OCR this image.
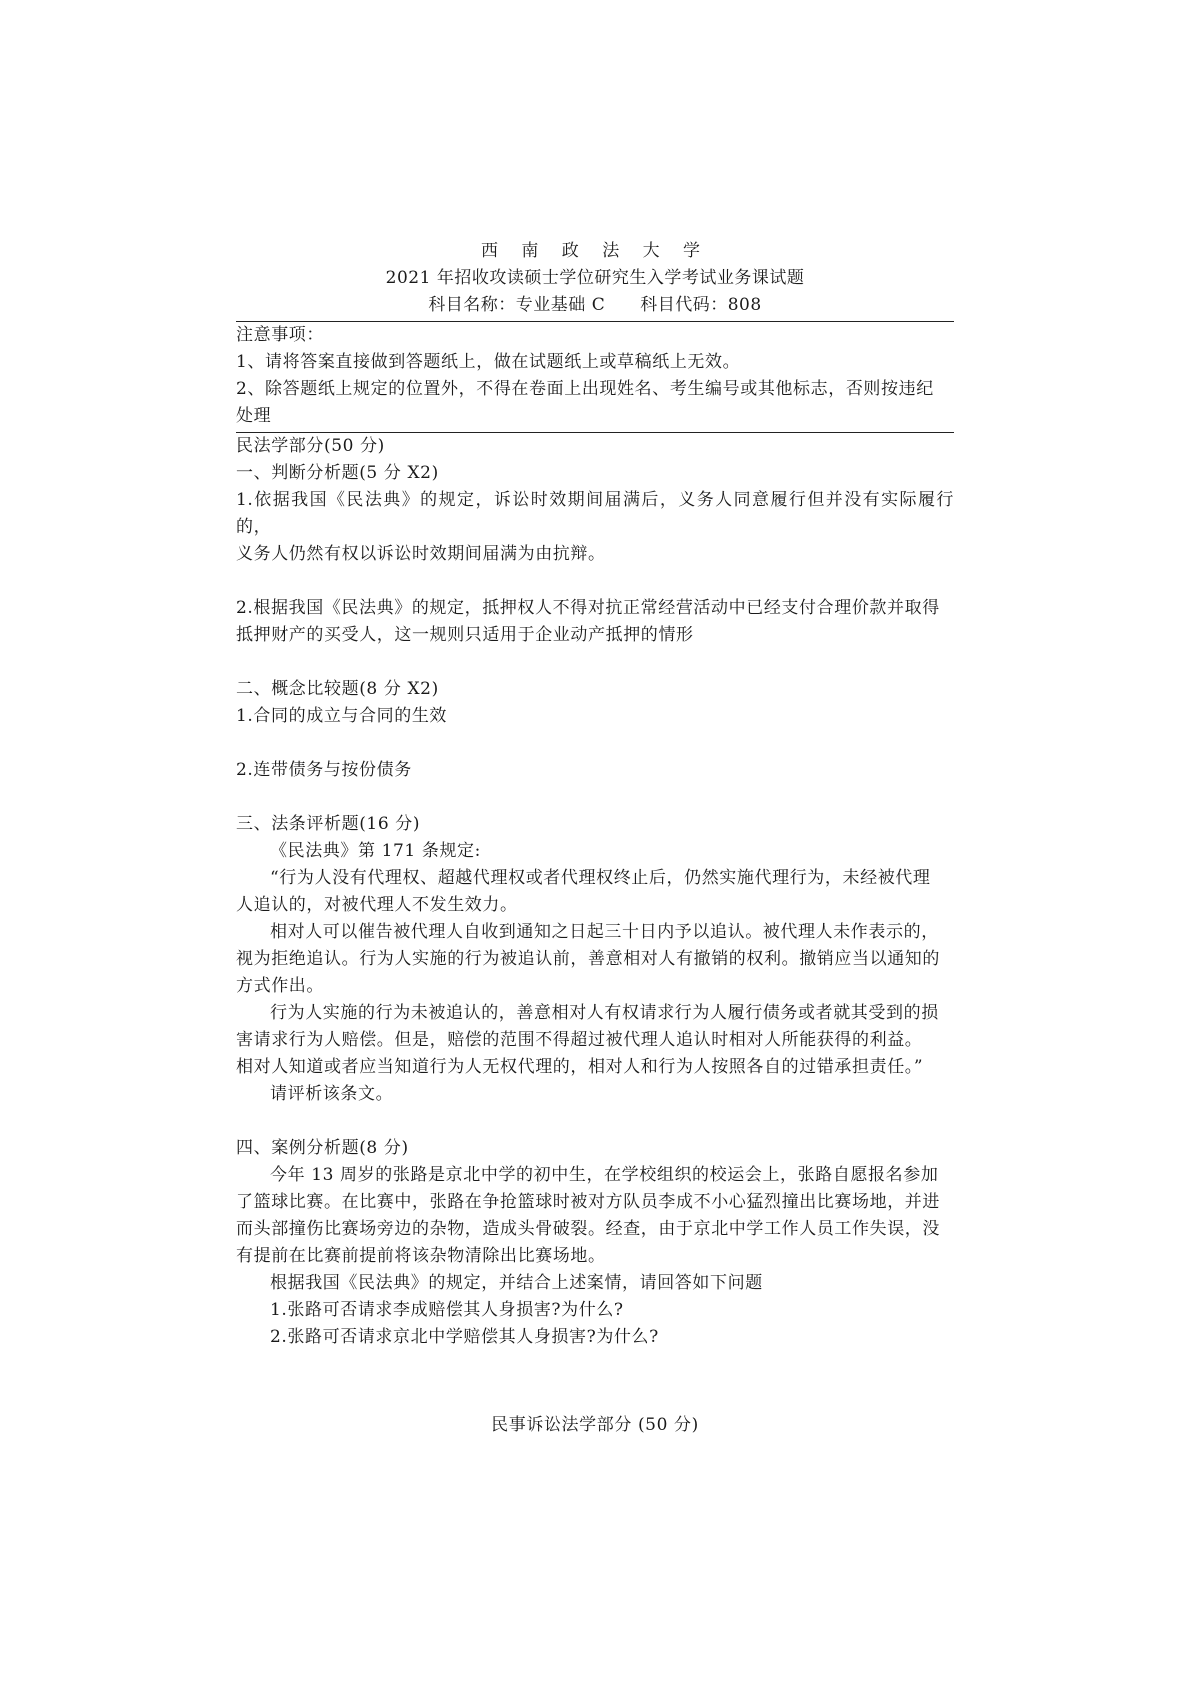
西 南 政 法 大 学
2021 年招收攻读硕士学位研究生入学考试业务课试题
科目名称：专业基础 C　　科目代码：808

注意事项：

1、请将答案直接做到答题纸上，做在试题纸上或草稿纸上无效。

2、除答题纸上规定的位置外，不得在卷面上出现姓名、考生编号或其他标志，否则按违纪

处理

民法学部分(50 分)

一、判断分析题(5 分 X2)

1.依据我国《民法典》的规定，诉讼时效期间届满后，义务人同意履行但并没有实际履行的，

义务人仍然有权以诉讼时效期间届满为由抗辩。

2.根据我国《民法典》的规定，抵押权人不得对抗正常经营活动中已经支付合理价款并取得

抵押财产的买受人，这一规则只适用于企业动产抵押的情形

二、概念比较题(8 分 X2)

1.合同的成立与合同的生效

2.连带债务与按份债务

三、法条评析题(16 分)

《民法典》第 171 条规定:

“行为人没有代理权、超越代理权或者代理权终止后，仍然实施代理行为，未经被代理

人追认的，对被代理人不发生效力。

相对人可以催告被代理人自收到通知之日起三十日内予以追认。被代理人未作表示的，

视为拒绝追认。行为人实施的行为被追认前，善意相对人有撤销的权利。撤销应当以通知的

方式作出。

行为人实施的行为未被追认的，善意相对人有权请求行为人履行债务或者就其受到的损

害请求行为人赔偿。但是，赔偿的范围不得超过被代理人追认时相对人所能获得的利益。

相对人知道或者应当知道行为人无权代理的，相对人和行为人按照各自的过错承担责任。”

请评析该条文。

四、案例分析题(8 分)

今年 13 周岁的张路是京北中学的初中生，在学校组织的校运会上，张路自愿报名参加

了篮球比赛。在比赛中，张路在争抢篮球时被对方队员李成不小心猛烈撞出比赛场地，并进

而头部撞伤比赛场旁边的杂物，造成头骨破裂。经查，由于京北中学工作人员工作失误，没

有提前在比赛前提前将该杂物清除出比赛场地。

根据我国《民法典》的规定，并结合上述案情，请回答如下问题

1.张路可否请求李成赔偿其人身损害?为什么?

2.张路可否请求京北中学赔偿其人身损害?为什么?

民事诉讼法学部分 (50 分)
